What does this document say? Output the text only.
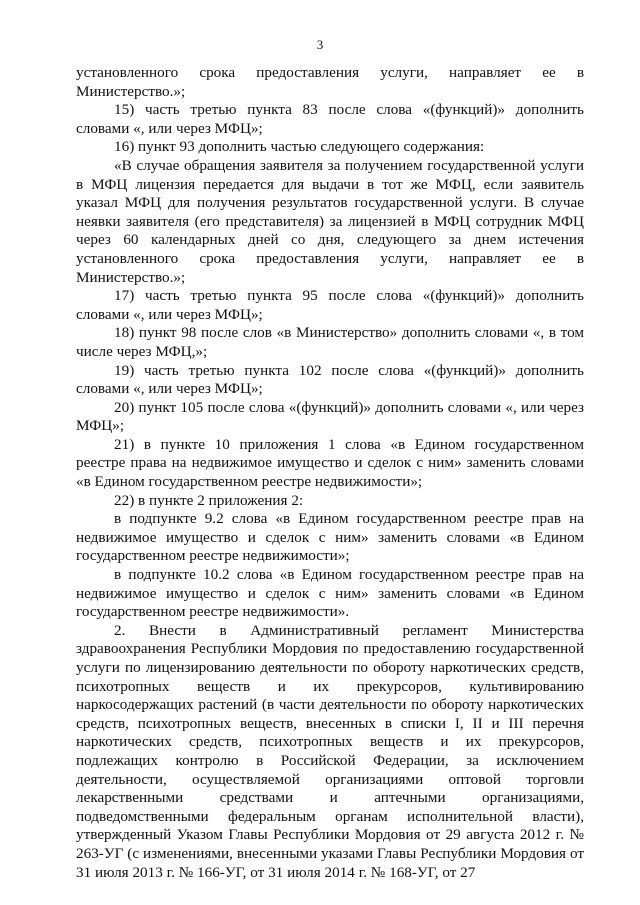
3

установленного срока предоставления услуги, направляет ее в Министерство.»;

15) часть третью пункта 83 после слова «(функций)» дополнить словами «, или через МФЦ»;

16) пункт 93 дополнить частью следующего содержания:

«В случае обращения заявителя за получением государственной услуги в МФЦ лицензия передается для выдачи в тот же МФЦ, если заявитель указал МФЦ для получения результатов государственной услуги. В случае неявки заявителя (его представителя) за лицензией в МФЦ сотрудник МФЦ через 60 календарных дней со дня, следующего за днем истечения установленного срока предоставления услуги, направляет ее в Министерство.»;

17) часть третью пункта 95 после слова «(функций)» дополнить словами «, или через МФЦ»;

18) пункт 98 после слов «в Министерство» дополнить словами «, в том числе через МФЦ,»;

19) часть третью пункта 102 после слова «(функций)» дополнить словами «, или через МФЦ»;

20) пункт 105 после слова «(функций)» дополнить словами «, или через МФЦ»;

21) в пункте 10 приложения 1 слова «в Едином государственном реестре права на недвижимое имущество и сделок с ним» заменить словами «в Едином государственном реестре недвижимости»;

22) в пункте 2 приложения 2:

в подпункте 9.2 слова «в Едином государственном реестре прав на недвижимое имущество и сделок с ним» заменить словами «в Едином государственном реестре недвижимости»;

в подпункте 10.2 слова «в Едином государственном реестре прав на недвижимое имущество и сделок с ним» заменить словами «в Едином государственном реестре недвижимости».

2. Внести в Административный регламент Министерства здравоохранения Республики Мордовия по предоставлению государственной услуги по лицензированию деятельности по обороту наркотических средств, психотропных веществ и их прекурсоров, культивированию наркосодержащих растений (в части деятельности по обороту наркотических средств, психотропных веществ, внесенных в списки I, II и III перечня наркотических средств, психотропных веществ и их прекурсоров, подлежащих контролю в Российской Федерации, за исключением деятельности, осуществляемой организациями оптовой торговли лекарственными средствами и аптечными организациями, подведомственными федеральным органам исполнительной власти), утвержденный Указом Главы Республики Мордовия от 29 августа 2012 г. № 263-УГ (с изменениями, внесенными указами Главы Республики Мордовия от 31 июля 2013 г. № 166-УГ, от 31 июля 2014 г. № 168-УГ, от 27
